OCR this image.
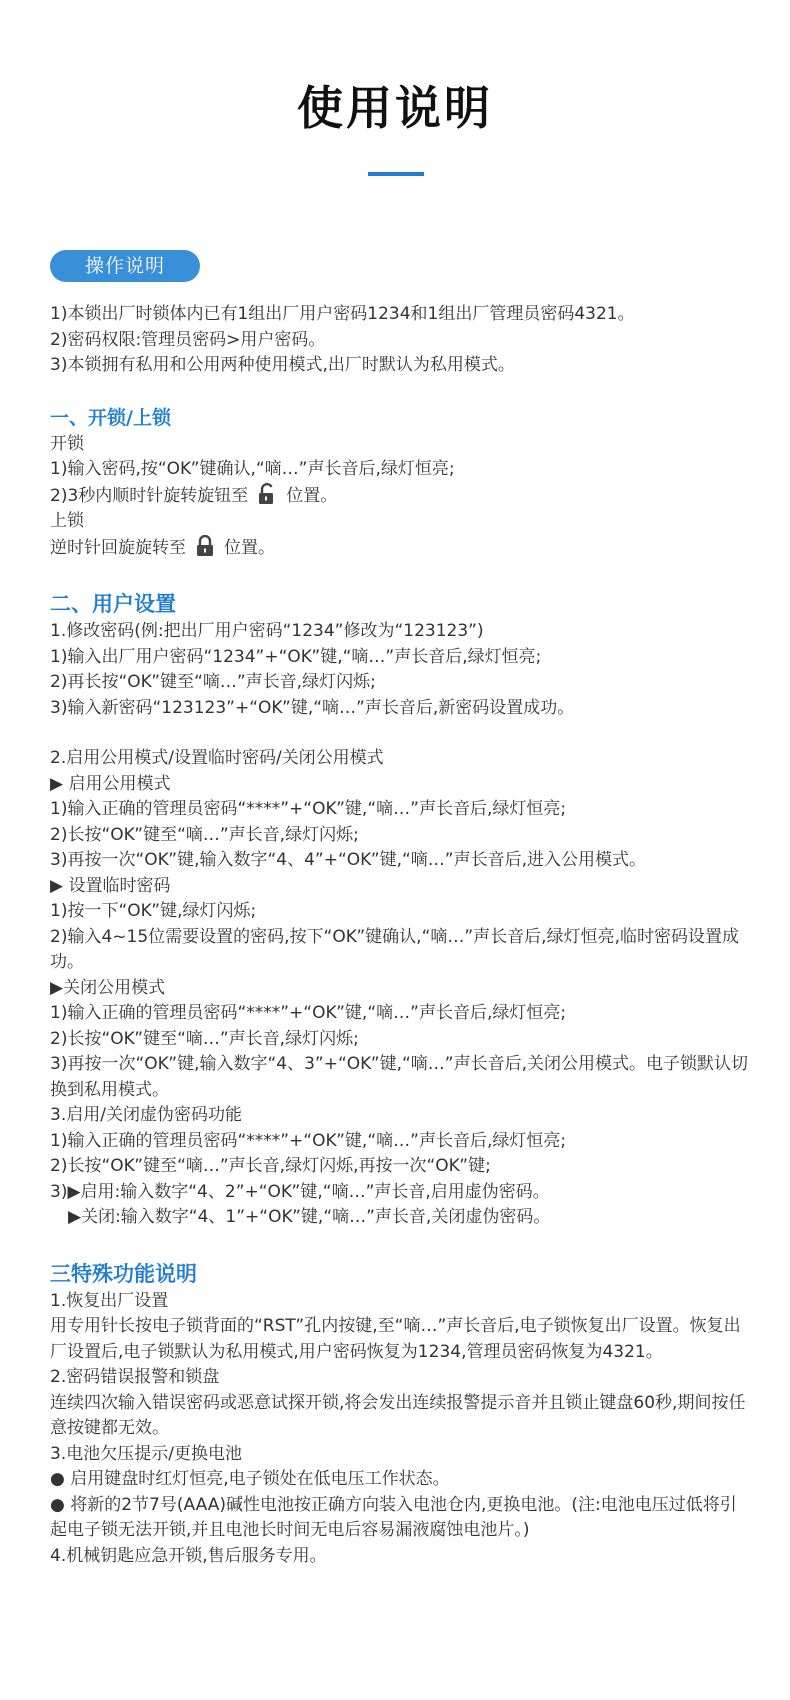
使用说明
操作说明
1)本锁出厂时锁体内已有1组出厂用户密码1234和1组出厂管理员密码4321。
2)密码权限:管理员密码>用户密码。
3)本锁拥有私用和公用两种使用模式,出厂时默认为私用模式。
一、开锁/上锁
开锁
1)输入密码,按“OK”键确认,“嘀…”声长音后,绿灯恒亮;
2)3秒内顺时针旋转旋钮至 位置。
上锁
逆时针回旋旋转至 位置。
二、用户设置
1.修改密码(例:把出厂用户密码“1234”修改为“123123”)
1)输入出厂用户密码“1234”+“OK”键,“嘀…”声长音后,绿灯恒亮;
2)再长按“OK”键至“嘀…”声长音,绿灯闪烁;
3)输入新密码“123123”+“OK”键,“嘀…”声长音后,新密码设置成功。
2.启用公用模式/设置临时密码/关闭公用模式
▶ 启用公用模式
1)输入正确的管理员密码“****”+“OK”键,“嘀…”声长音后,绿灯恒亮;
2)长按“OK”键至“嘀…”声长音,绿灯闪烁;
3)再按一次“OK”键,输入数字“4、4”+“OK”键,“嘀…”声长音后,进入公用模式。
▶ 设置临时密码
1)按一下“OK”键,绿灯闪烁;
2)输入4~15位需要设置的密码,按下“OK”键确认,“嘀…”声长音后,绿灯恒亮,临时密码设置成功。
▶关闭公用模式
1)输入正确的管理员密码“****”+“OK”键,“嘀…”声长音后,绿灯恒亮;
2)长按“OK”键至“嘀…”声长音,绿灯闪烁;
3)再按一次“OK”键,输入数字“4、3”+“OK”键,“嘀…”声长音后,关闭公用模式。电子锁默认切换到私用模式。
3.启用/关闭虚伪密码功能
1)输入正确的管理员密码“****”+“OK”键,“嘀…”声长音后,绿灯恒亮;
2)长按“OK”键至“嘀…”声长音,绿灯闪烁,再按一次“OK”键;
3)▶启用:输入数字“4、2”+“OK”键,“嘀…”声长音,启用虚伪密码。
▶关闭:输入数字“4、1”+“OK”键,“嘀…”声长音,关闭虚伪密码。
三特殊功能说明
1.恢复出厂设置
用专用针长按电子锁背面的“RST”孔内按键,至“嘀…”声长音后,电子锁恢复出厂设置。恢复出厂设置后,电子锁默认为私用模式,用户密码恢复为1234,管理员密码恢复为4321。
2.密码错误报警和锁盘
连续四次输入错误密码或恶意试探开锁,将会发出连续报警提示音并且锁止键盘60秒,期间按任意按键都无效。
3.电池欠压提示/更换电池
● 启用键盘时红灯恒亮,电子锁处在低电压工作状态。
● 将新的2节7号(AAA)碱性电池按正确方向装入电池仓内,更换电池。(注:电池电压过低将引起电子锁无法开锁,并且电池长时间无电后容易漏液腐蚀电池片。)
4.机械钥匙应急开锁,售后服务专用。
